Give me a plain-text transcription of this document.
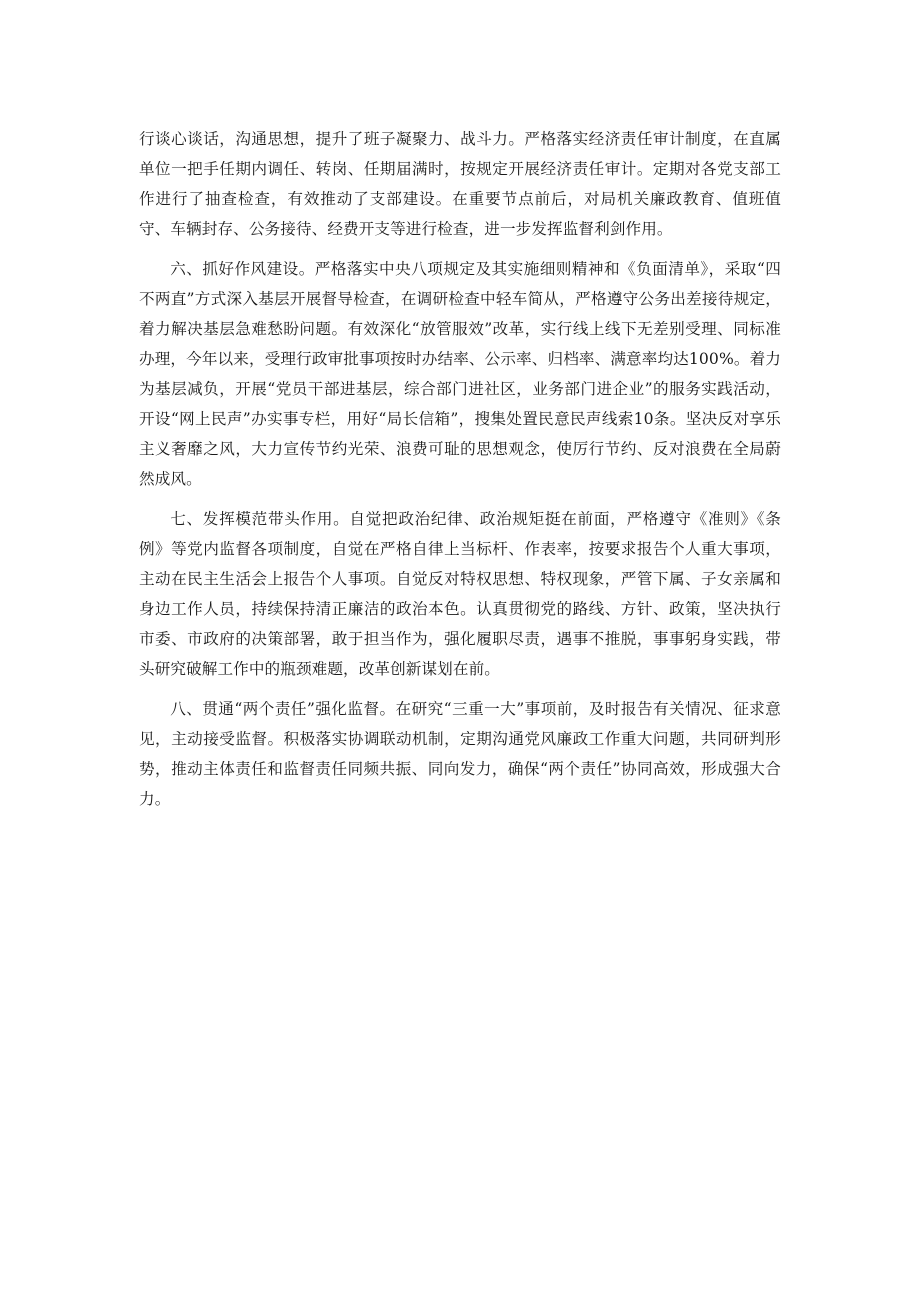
行谈心谈话，沟通思想，提升了班子凝聚力、战斗力。严格落实经济责任审计制度，在直属单位一把手任期内调任、转岗、任期届满时，按规定开展经济责任审计。定期对各党支部工作进行了抽查检查，有效推动了支部建设。在重要节点前后，对局机关廉政教育、值班值守、车辆封存、公务接待、经费开支等进行检查，进一步发挥监督利剑作用。

六、抓好作风建设。严格落实中央八项规定及其实施细则精神和《负面清单》，采取“四不两直”方式深入基层开展督导检查，在调研检查中轻车简从，严格遵守公务出差接待规定，着力解决基层急难愁盼问题。有效深化“放管服效”改革，实行线上线下无差别受理、同标准办理，今年以来，受理行政审批事项按时办结率、公示率、归档率、满意率均达100%。着力为基层减负，开展“党员干部进基层，综合部门进社区，业务部门进企业”的服务实践活动，开设“网上民声”办实事专栏，用好“局长信箱”，搜集处置民意民声线索10条。坚决反对享乐主义奢靡之风，大力宣传节约光荣、浪费可耻的思想观念，使厉行节约、反对浪费在全局蔚然成风。

七、发挥模范带头作用。自觉把政治纪律、政治规矩挺在前面，严格遵守《准则》《条例》等党内监督各项制度，自觉在严格自律上当标杆、作表率，按要求报告个人重大事项，主动在民主生活会上报告个人事项。自觉反对特权思想、特权现象，严管下属、子女亲属和身边工作人员，持续保持清正廉洁的政治本色。认真贯彻党的路线、方针、政策，坚决执行市委、市政府的决策部署，敢于担当作为，强化履职尽责，遇事不推脱，事事躬身实践，带头研究破解工作中的瓶颈难题，改革创新谋划在前。

八、贯通“两个责任”强化监督。在研究“三重一大”事项前，及时报告有关情况、征求意见，主动接受监督。积极落实协调联动机制，定期沟通党风廉政工作重大问题，共同研判形势，推动主体责任和监督责任同频共振、同向发力，确保“两个责任”协同高效，形成强大合力。
